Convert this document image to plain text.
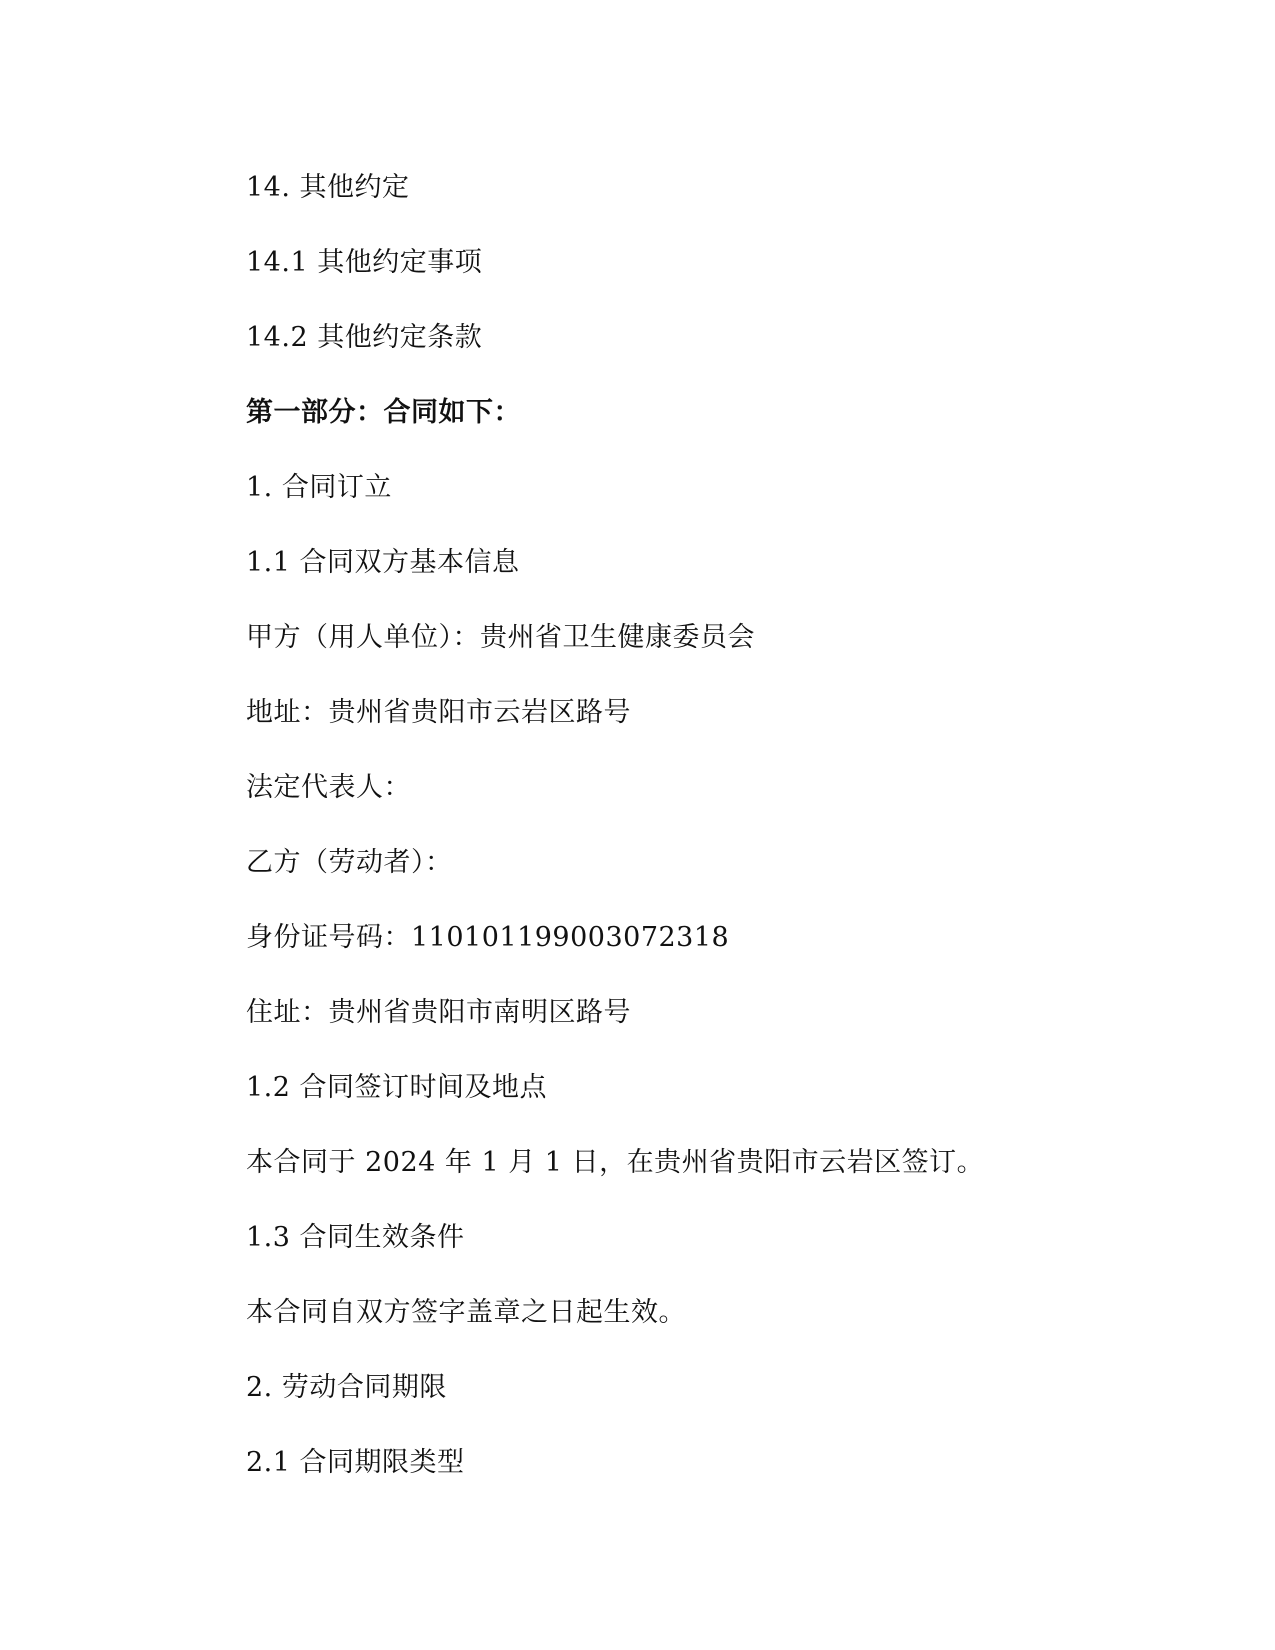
14. 其他约定
14.1 其他约定事项
14.2 其他约定条款
第一部分：合同如下：
1. 合同订立
1.1 合同双方基本信息
甲方（用人单位）：贵州省卫生健康委员会
地址：贵州省贵阳市云岩区路号
法定代表人：
乙方（劳动者）：
身份证号码：110101199003072318
住址：贵州省贵阳市南明区路号
1.2 合同签订时间及地点
本合同于 2024 年 1 月 1 日，在贵州省贵阳市云岩区签订。
1.3 合同生效条件
本合同自双方签字盖章之日起生效。
2. 劳动合同期限
2.1 合同期限类型
